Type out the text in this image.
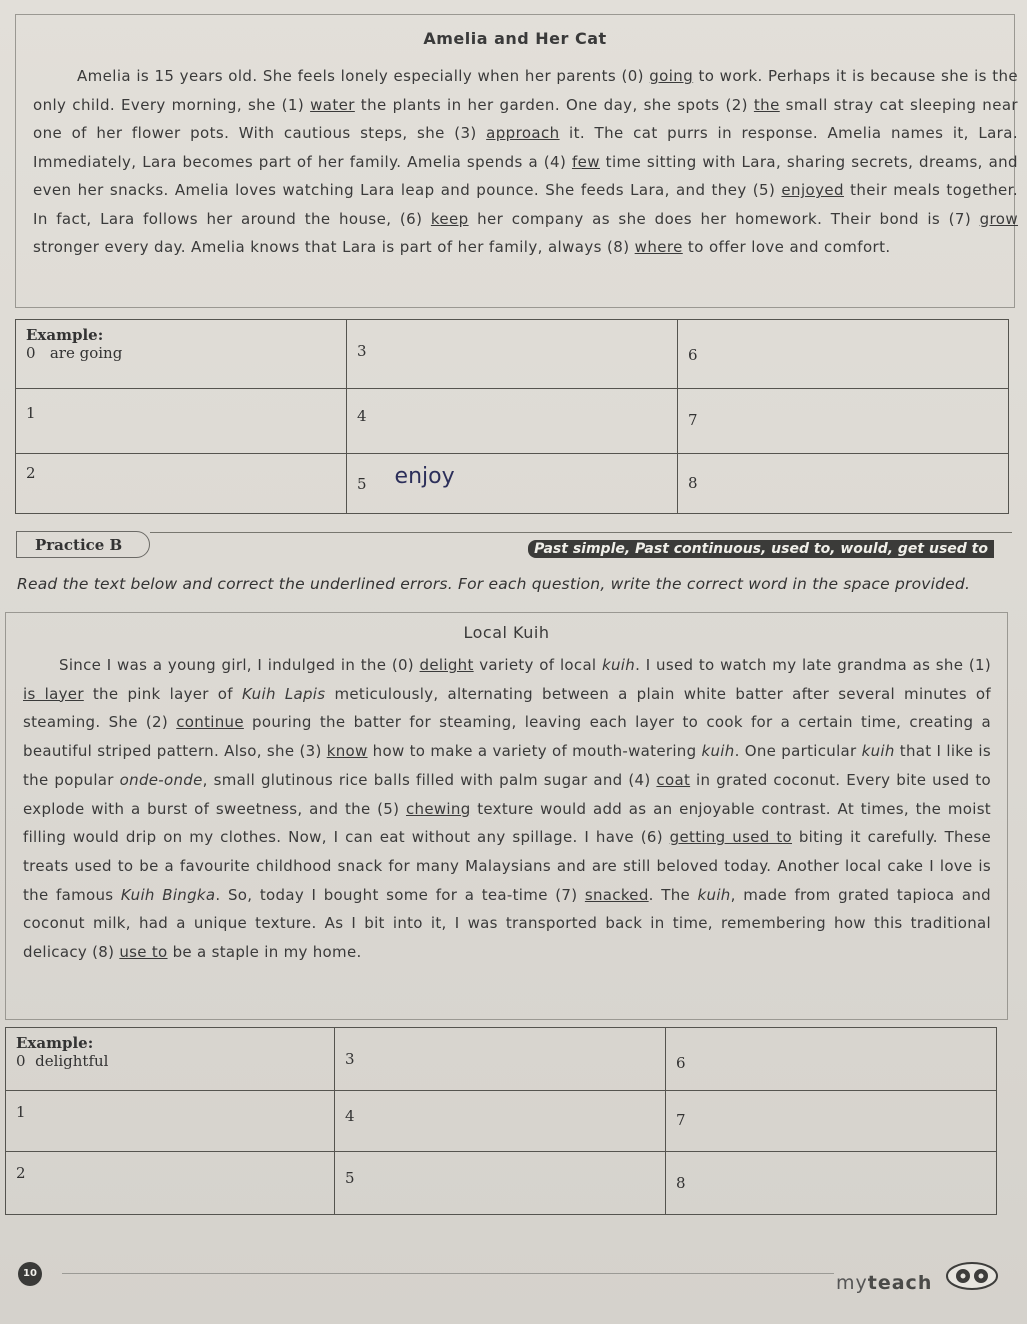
Amelia and Her Cat
Amelia is 15 years old. She feels lonely especially when her parents (0) going to work. Perhaps it is because she is the only child. Every morning, she (1) water the plants in her garden. One day, she spots (2) the small stray cat sleeping near one of her flower pots. With cautious steps, she (3) approach it. The cat purrs in response. Amelia names it, Lara. Immediately, Lara becomes part of her family. Amelia spends a (4) few time sitting with Lara, sharing secrets, dreams, and even her snacks. Amelia loves watching Lara leap and pounce. She feeds Lara, and they (5) enjoyed their meals together. In fact, Lara follows her around the house, (6) keep her company as she does her homework. Their bond is (7) grow stronger every day. Amelia knows that Lara is part of her family, always (8) where to offer love and comfort.
Example:
0 are going	3	6
1	4	7
2	5 enjoy	8
Practice B	Past simple, Past continuous, used to, would, get used to
Read the text below and correct the underlined errors. For each question, write the correct word in the space provided.
Local Kuih
Since I was a young girl, I indulged in the (0) delight variety of local kuih. I used to watch my late grandma as she (1) is layer the pink layer of Kuih Lapis meticulously, alternating between a plain white batter after several minutes of steaming. She (2) continue pouring the batter for steaming, leaving each layer to cook for a certain time, creating a beautiful striped pattern. Also, she (3) know how to make a variety of mouth-watering kuih. One particular kuih that I like is the popular onde-onde, small glutinous rice balls filled with palm sugar and (4) coat in grated coconut. Every bite used to explode with a burst of sweetness, and the (5) chewing texture would add as an enjoyable contrast. At times, the moist filling would drip on my clothes. Now, I can eat without any spillage. I have (6) getting used to biting it carefully. These treats used to be a favourite childhood snack for many Malaysians and are still beloved today. Another local cake I love is the famous Kuih Bingka. So, today I bought some for a tea-time (7) snacked. The kuih, made from grated tapioca and coconut milk, had a unique texture. As I bit into it, I was transported back in time, remembering how this traditional delicacy (8) use to be a staple in my home.
Example:
0 delightful	3	6
1	4	7
2	5	8
10	myteach
